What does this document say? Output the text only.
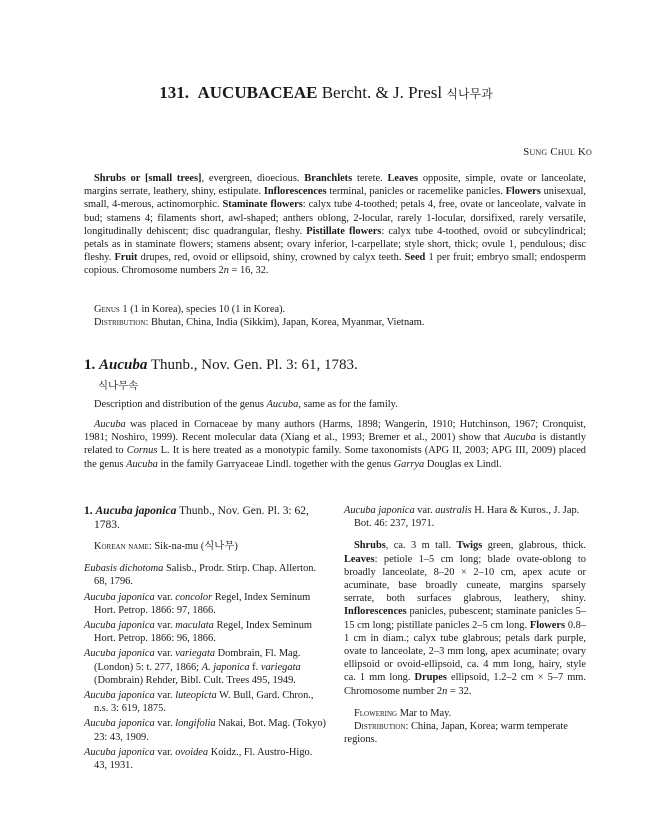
131. AUCUBACEAE Bercht. & J. Presl 식나무과
Sung Chul Ko

Shrubs or [small trees], evergreen, dioecious. Branchlets terete. Leaves opposite, simple, ovate or lanceolate, margins serrate, leathery, shiny, estipulate. Inflorescences terminal, panicles or racemelike panicles. Flowers unisexual, small, 4-merous, actinomorphic. Staminate flowers: calyx tube 4-toothed; petals 4, free, ovate or lanceolate, valvate in bud; stamens 4; filaments short, awl-shaped; anthers oblong, 2-locular, rarely 1-locular, dorsifixed, rarely versatile, longitudinally dehiscent; disc quadrangular, fleshy. Pistillate flowers: calyx tube 4-toothed, ovoid or subcylindrical; petals as in staminate flowers; stamens absent; ovary inferior, l-carpellate; style short, thick; ovule 1, pendulous; disc fleshy. Fruit drupes, red, ovoid or ellipsoid, shiny, crowned by calyx teeth. Seed 1 per fruit; embryo small; endosperm copious. Chromosome numbers 2n = 16, 32.

Genus 1 (1 in Korea), species 10 (1 in Korea).
Distribution: Bhutan, China, India (Sikkim), Japan, Korea, Myanmar, Vietnam.
1. Aucuba Thunb., Nov. Gen. Pl. 3: 61, 1783.
식나무속

Description and distribution of the genus Aucuba, same as for the family.

Aucuba was placed in Cornaceae by many authors (Harms, 1898; Wangerin, 1910; Hutchinson, 1967; Cronquist, 1981; Noshiro, 1999). Recent molecular data (Xiang et al., 1993; Bremer et al., 2001) show that Aucuba is distantly related to Cornus L. It is here treated as a monotypic family. Some taxonomists (APG II, 2003; APG III, 2009) placed the genus Aucuba in the family Garryaceae Lindl. together with the genus Garrya Douglas ex Lindl.

1. Aucuba japonica Thunb., Nov. Gen. Pl. 3: 62, 1783.
Korean name: Sik-na-mu (식나무)
Eubasis dichotoma Salisb., Prodr. Stirp. Chap. Allerton. 68, 1796.
Aucuba japonica var. concolor Regel, Index Seminum Hort. Petrop. 1866: 97, 1866.
Aucuba japonica var. maculata Regel, Index Seminum Hort. Petrop. 1866: 96, 1866.
Aucuba japonica var. variegata Dombrain, Fl. Mag. (London) 5: t. 277, 1866; A. japonica f. variegata (Dombrain) Rehder, Bibl. Cult. Trees 495, 1949.
Aucuba japonica var. luteopicta W. Bull, Gard. Chron., n.s. 3: 619, 1875.
Aucuba japonica var. longifolia Nakai, Bot. Mag. (Tokyo) 23: 43, 1909.
Aucuba japonica var. ovoidea Koidz., Fl. Austro-Higo. 43, 1931.
Aucuba japonica var. australis H. Hara & Kuros., J. Jap. Bot. 46: 237, 1971.

Shrubs, ca. 3 m tall. Twigs green, glabrous, thick. Leaves: petiole 1–5 cm long; blade ovate-oblong to broadly lanceolate, 8–20 × 2–10 cm, apex acute or acuminate, base broadly cuneate, margins sparsely serrate, both surfaces glabrous, leathery, shiny. Inflorescences panicles, pubescent; staminate panicles 5–15 cm long; pistillate panicles 2–5 cm long. Flowers 0.8–1 cm in diam.; calyx tube glabrous; petals dark purple, ovate to lanceolate, 2–3 mm long, apex acuminate; ovary ellipsoid or ovoid-ellipsoid, ca. 4 mm long, hairy, style ca. 1 mm long. Drupes ellipsoid, 1.2–2 cm × 5–7 mm. Chromosome number 2n = 32.

Flowering Mar to May.

Distribution: China, Japan, Korea; warm temperate regions.
